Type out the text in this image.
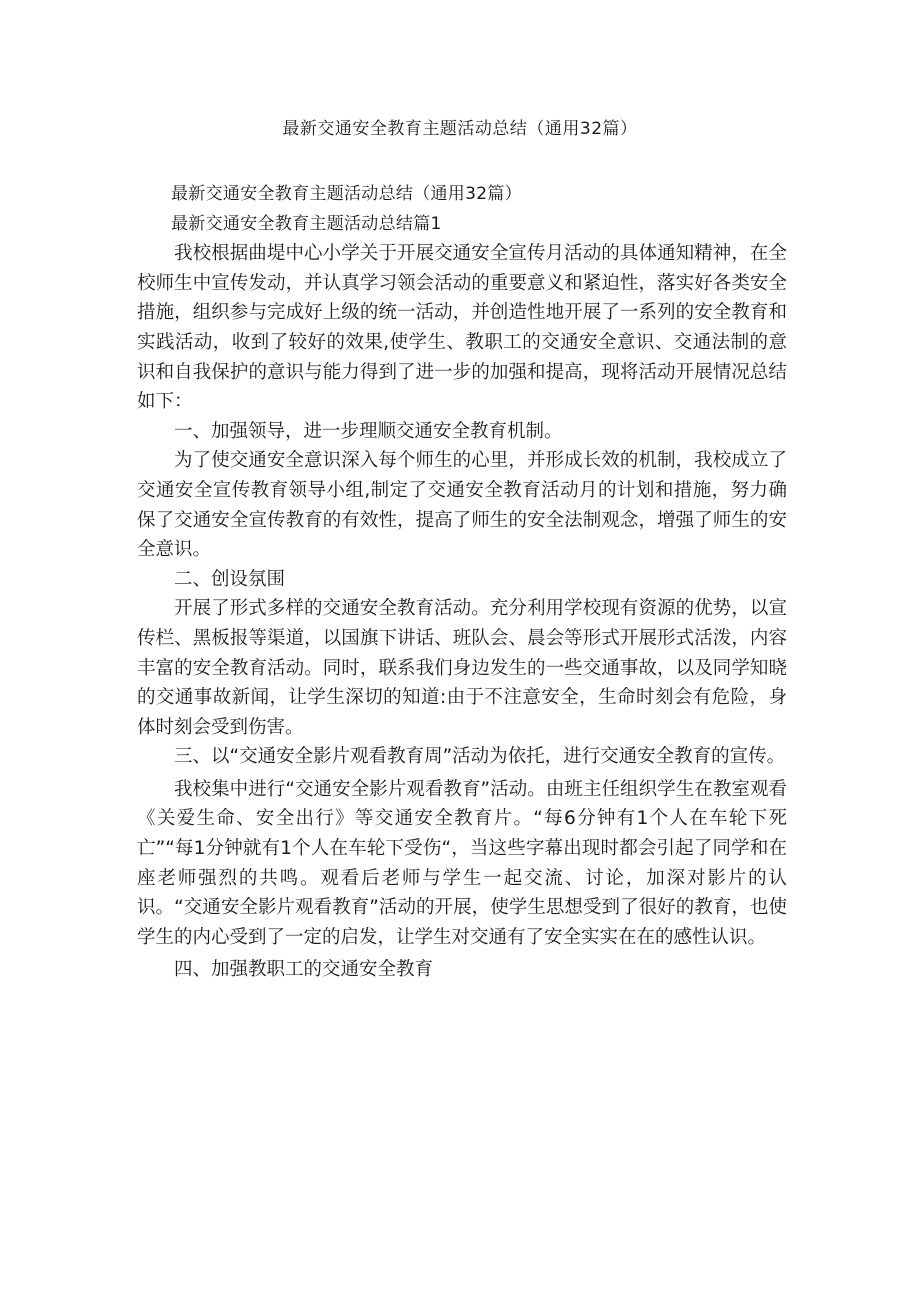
最新交通安全教育主题活动总结（通用32篇）

最新交通安全教育主题活动总结（通用32篇）

最新交通安全教育主题活动总结篇1

我校根据曲堤中心小学关于开展交通安全宣传月活动的具体通知精神，在全校师生中宣传发动，并认真学习领会活动的重要意义和紧迫性，落实好各类安全措施，组织参与完成好上级的统一活动，并创造性地开展了一系列的安全教育和实践活动，收到了较好的效果,使学生、教职工的交通安全意识、交通法制的意识和自我保护的意识与能力得到了进一步的加强和提高，现将活动开展情况总结如下：

一、加强领导，进一步理顺交通安全教育机制。

为了使交通安全意识深入每个师生的心里，并形成长效的机制，我校成立了交通安全宣传教育领导小组,制定了交通安全教育活动月的计划和措施，努力确保了交通安全宣传教育的有效性，提高了师生的安全法制观念，增强了师生的安全意识。

二、创设氛围

开展了形式多样的交通安全教育活动。充分利用学校现有资源的优势，以宣传栏、黑板报等渠道，以国旗下讲话、班队会、晨会等形式开展形式活泼，内容丰富的安全教育活动。同时，联系我们身边发生的一些交通事故，以及同学知晓的交通事故新闻，让学生深切的知道:由于不注意安全，生命时刻会有危险，身体时刻会受到伤害。

三、以“交通安全影片观看教育周”活动为依托，进行交通安全教育的宣传。

我校集中进行“交通安全影片观看教育”活动。由班主任组织学生在教室观看《关爱生命、安全出行》等交通安全教育片。“每6分钟有1个人在车轮下死亡”“每1分钟就有1个人在车轮下受伤“，当这些字幕出现时都会引起了同学和在座老师强烈的共鸣。观看后老师与学生一起交流、讨论，加深对影片的认识。“交通安全影片观看教育”活动的开展，使学生思想受到了很好的教育，也使学生的内心受到了一定的启发，让学生对交通有了安全实实在在的感性认识。

四、加强教职工的交通安全教育
